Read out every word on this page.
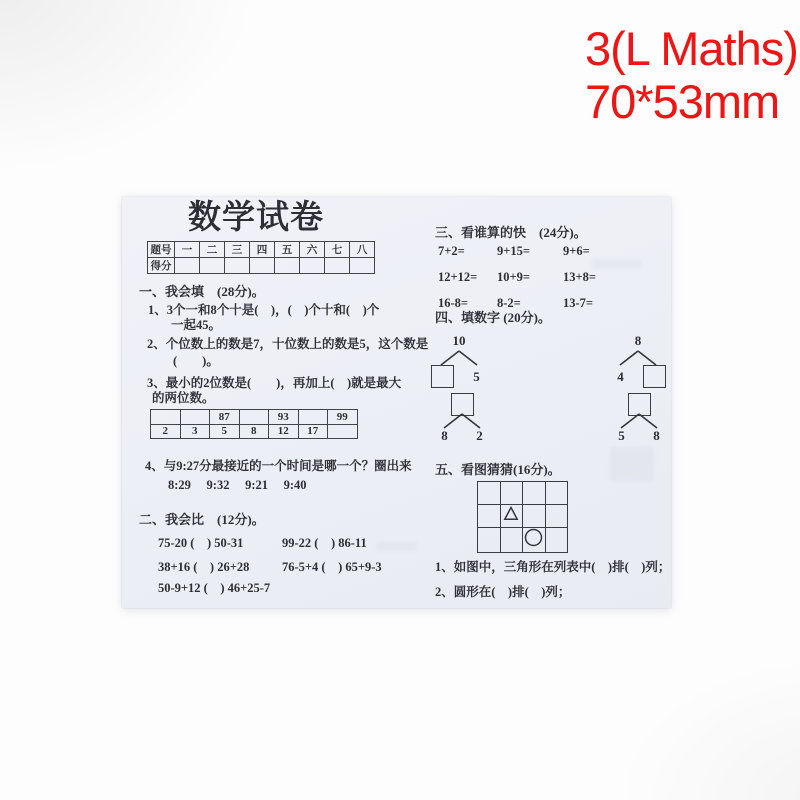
3(L Maths)
70*53mm
数学试卷
题号	一	二	三	四	五	六	七	八
得分								
一、我会填　(28分)。
1、3个一和8个十是(　)，(　)个十和(　)个
一起45。
2、个位数上的数是7，十位数上的数是5，这个数是
(　　)。
3、最小的2位数是(　　)，再加上(　)就是最大
的两位数。
		87		93		99
2	3	5	8	12	17	
4、与9:27分最接近的一个时间是哪一个？圈出来
8:29　 9:32　 9:21　 9:40
二、我会比　(12分)。
75-20 (　) 50-31	99-22 (　) 86-11
38+16 (　) 26+28	76-5+4 (　) 65+9-3
50-9+12 (　) 46+25-7
三、看谁算的快　(24分)。
7+2=	9+15=	9+6=
12+12=	10+9=	13+8=
16-8=	8-2=	13-7=
四、填数字 (20分)。
10
5
8
4
8 2	5 8
五、看图猜猜(16分)。

1、如图中，三角形在列表中(　)排(　)列；
2、圆形在(　)排(　)列；
